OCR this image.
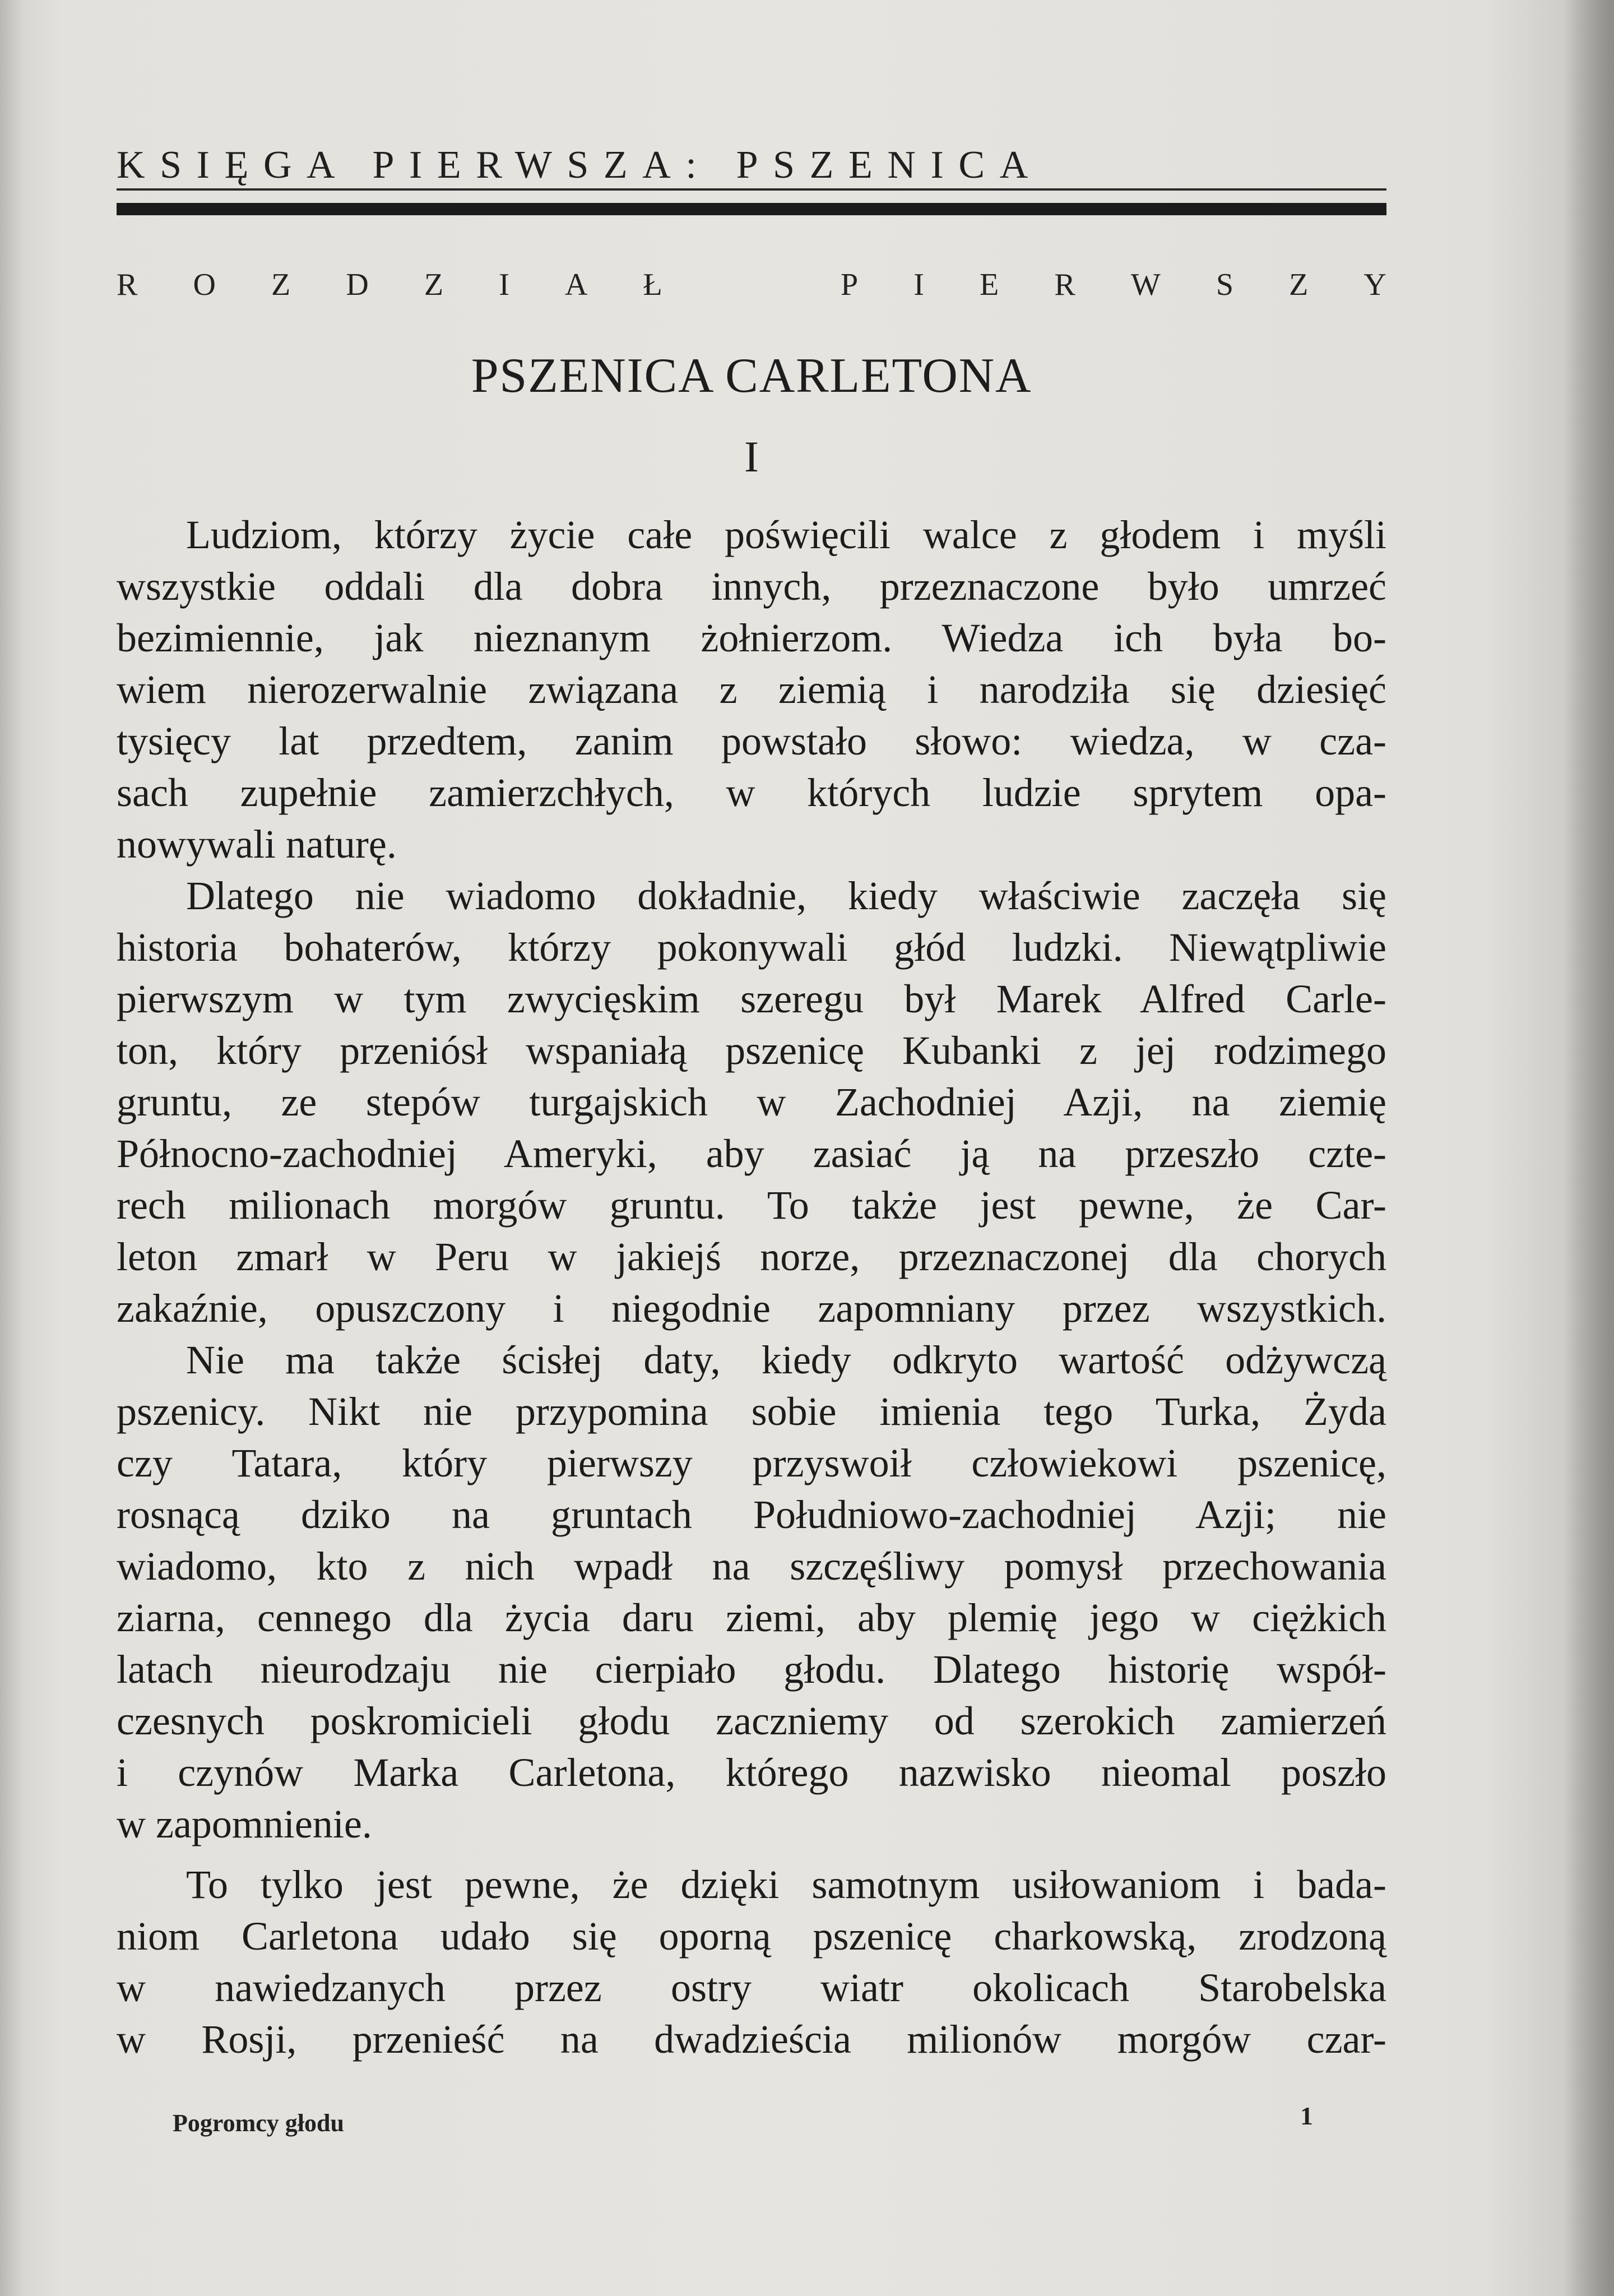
KSIĘGA PIERWSZA: PSZENICA
R O Z D Z I A Ł	P I E R W S Z Y
PSZENICA CARLETONA
I
Ludziom, którzy życie całe poświęcili walce z głodem i myśli
wszystkie oddali dla dobra innych, przeznaczone było umrzeć
bezimiennie, jak nieznanym żołnierzom. Wiedza ich była bo-
wiem nierozerwalnie związana z ziemią i narodziła się dziesięć
tysięcy lat przedtem, zanim powstało słowo: wiedza, w cza-
sach zupełnie zamierzchłych, w których ludzie sprytem opa-
nowywali naturę.
Dlatego nie wiadomo dokładnie, kiedy właściwie zaczęła się
historia bohaterów, którzy pokonywali głód ludzki. Niewątpliwie
pierwszym w tym zwycięskim szeregu był Marek Alfred Carle-
ton, który przeniósł wspaniałą pszenicę Kubanki z jej rodzimego
gruntu, ze stepów turgajskich w Zachodniej Azji, na ziemię
Północno-zachodniej Ameryki, aby zasiać ją na przeszło czte-
rech milionach morgów gruntu. To także jest pewne, że Car-
leton zmarł w Peru w jakiejś norze, przeznaczonej dla chorych
zakaźnie, opuszczony i niegodnie zapomniany przez wszystkich.
Nie ma także ścisłej daty, kiedy odkryto wartość odżywczą
pszenicy. Nikt nie przypomina sobie imienia tego Turka, Żyda
czy Tatara, który pierwszy przyswoił człowiekowi pszenicę,
rosnącą dziko na gruntach Południowo-zachodniej Azji; nie
wiadomo, kto z nich wpadł na szczęśliwy pomysł przechowania
ziarna, cennego dla życia daru ziemi, aby plemię jego w ciężkich
latach nieurodzaju nie cierpiało głodu. Dlatego historię współ-
czesnych poskromicieli głodu zaczniemy od szerokich zamierzeń
i czynów Marka Carletona, którego nazwisko nieomal poszło
w zapomnienie.
To tylko jest pewne, że dzięki samotnym usiłowaniom i bada-
niom Carletona udało się oporną pszenicę charkowską, zrodzoną
w nawiedzanych przez ostry wiatr okolicach Starobelska
w Rosji, przenieść na dwadzieścia milionów morgów czar-
Pogromcy głodu	1
